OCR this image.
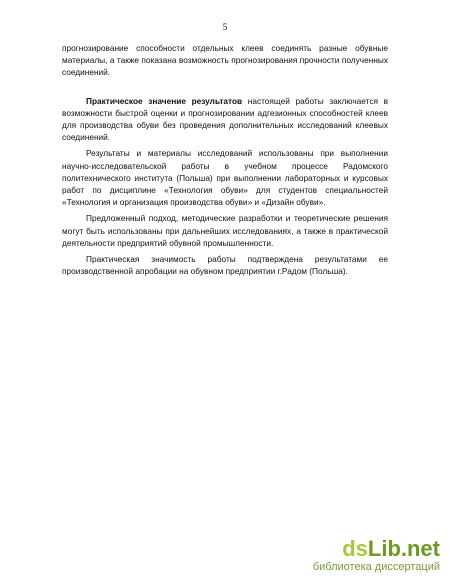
5

прогнозирование способности отдельных клеев соединять разные обувные материалы, а также показана возможность прогнозирования прочности полученных соединений.

Практическое значение результатов настоящей работы заключается в возможности быстрой оценки и прогнозировании адгезионных способностей клеев для производства обуви без проведения дополнительных исследований клеевых соединений.

Результаты и материалы исследований использованы при выполнении научно-исследовательской работы в учебном процессе Радомского политехнического института (Польша) при выполнении лабораторных и курсовых работ по дисциплине «Технология обуви» для студентов специальностей «Технология и организация производства обуви» и «Дизайн обуви».

Предложенный подход, методические разработки и теоретические решения могут быть использованы при дальнейших исследованиях, а также в практической деятельности предприятий обувной промышленности.

Практическая значимость работы подтверждена результатами ее производственной апробации на обувном предприятии г.Радом (Польша).

dsLib.net
библиотека диссертаций
